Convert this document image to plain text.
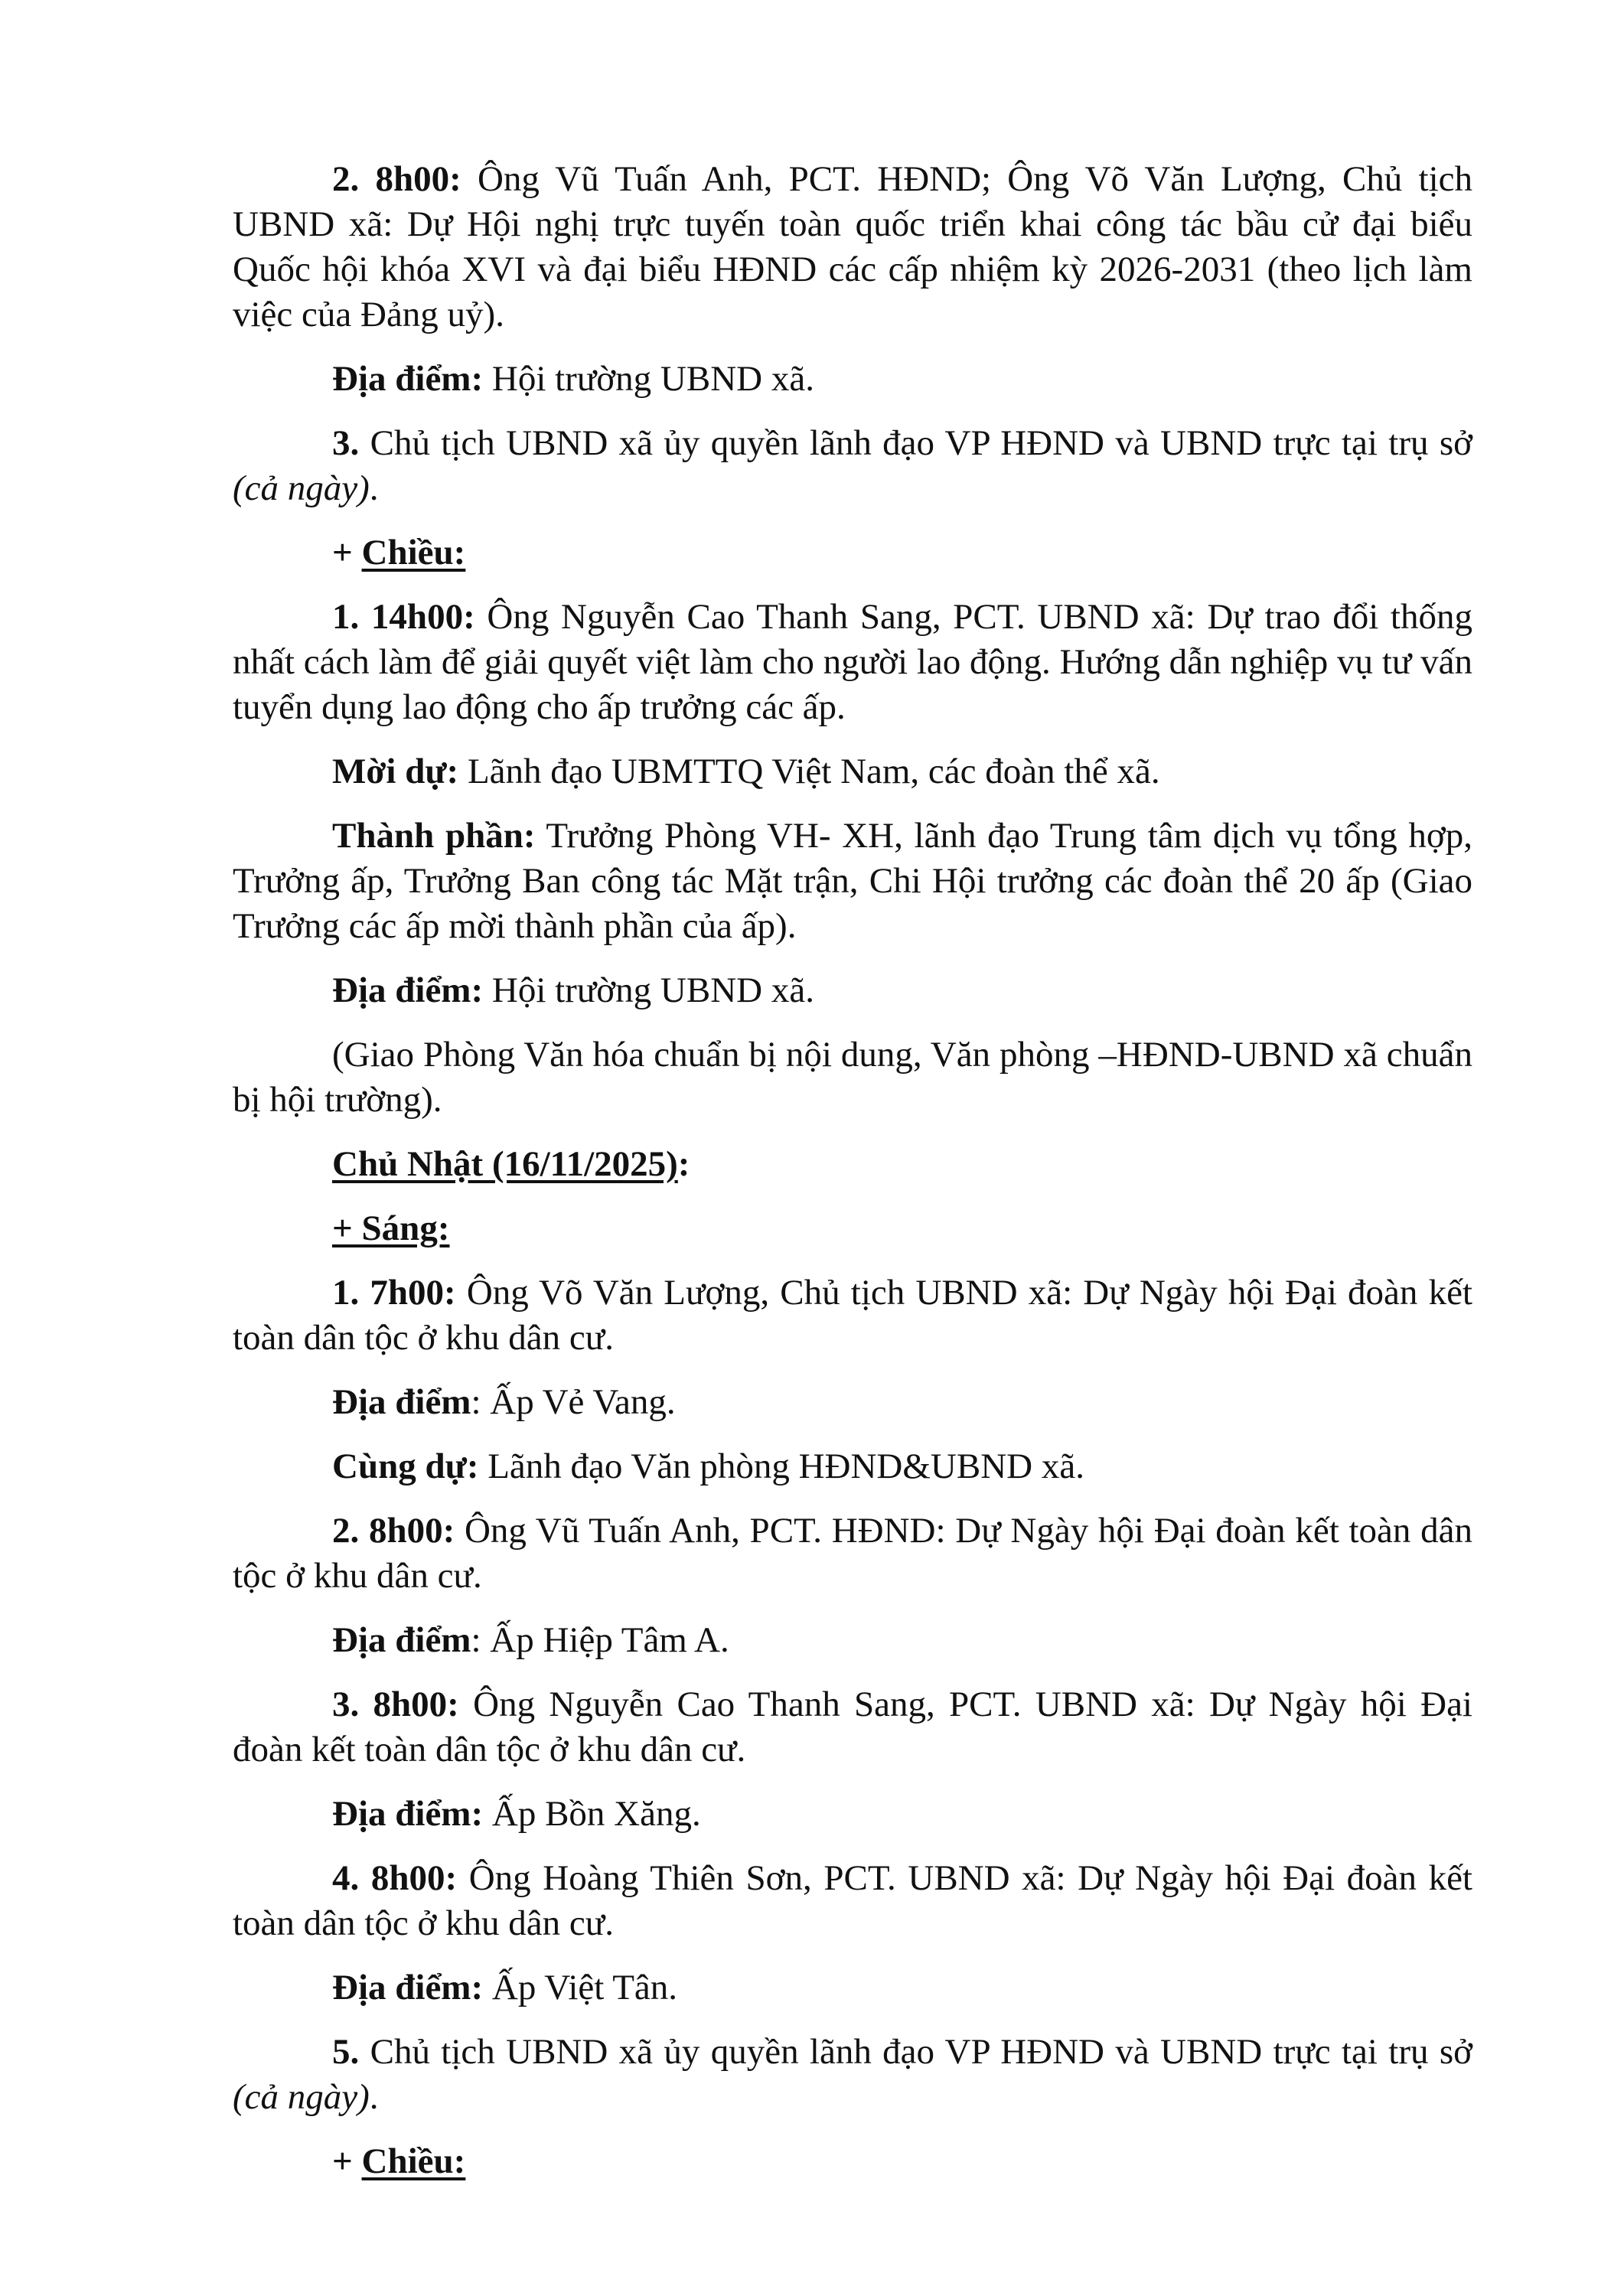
2. 8h00: Ông Vũ Tuấn Anh, PCT. HĐND; Ông Võ Văn Lượng, Chủ tịch UBND xã: Dự Hội nghị trực tuyến toàn quốc triển khai công tác bầu cử đại biểu Quốc hội khóa XVI và đại biểu HĐND các cấp nhiệm kỳ 2026-2031 (theo lịch làm việc của Đảng uỷ).

Địa điểm: Hội trường UBND xã.

3. Chủ tịch UBND xã ủy quyền lãnh đạo VP HĐND và UBND trực tại trụ sở (cả ngày).

+ Chiều:

1. 14h00: Ông Nguyễn Cao Thanh Sang, PCT. UBND xã: Dự trao đổi thống nhất cách làm để giải quyết việt làm cho người lao động. Hướng dẫn nghiệp vụ tư vấn tuyển dụng lao động cho ấp trưởng các ấp.

Mời dự: Lãnh đạo UBMTTQ Việt Nam, các đoàn thể xã.

Thành phần: Trưởng Phòng VH- XH, lãnh đạo Trung tâm dịch vụ tổng hợp, Trưởng ấp, Trưởng Ban công tác Mặt trận, Chi Hội trưởng các đoàn thể 20 ấp (Giao Trưởng các ấp mời thành phần của ấp).

Địa điểm: Hội trường UBND xã.

(Giao Phòng Văn hóa chuẩn bị nội dung, Văn phòng –HĐND-UBND xã chuẩn bị hội trường).

Chủ Nhật (16/11/2025):

+ Sáng:

1. 7h00: Ông Võ Văn Lượng, Chủ tịch UBND xã: Dự Ngày hội Đại đoàn kết toàn dân tộc ở khu dân cư.

Địa điểm: Ấp Vẻ Vang.

Cùng dự: Lãnh đạo Văn phòng HĐND&UBND xã.

2. 8h00: Ông Vũ Tuấn Anh, PCT. HĐND: Dự Ngày hội Đại đoàn kết toàn dân tộc ở khu dân cư.

Địa điểm: Ấp Hiệp Tâm A.

3. 8h00: Ông Nguyễn Cao Thanh Sang, PCT. UBND xã: Dự Ngày hội Đại đoàn kết toàn dân tộc ở khu dân cư.

Địa điểm: Ấp Bồn Xăng.

4. 8h00: Ông Hoàng Thiên Sơn, PCT. UBND xã: Dự Ngày hội Đại đoàn kết toàn dân tộc ở khu dân cư.

Địa điểm: Ấp Việt Tân.

5. Chủ tịch UBND xã ủy quyền lãnh đạo VP HĐND và UBND trực tại trụ sở (cả ngày).

+ Chiều:
